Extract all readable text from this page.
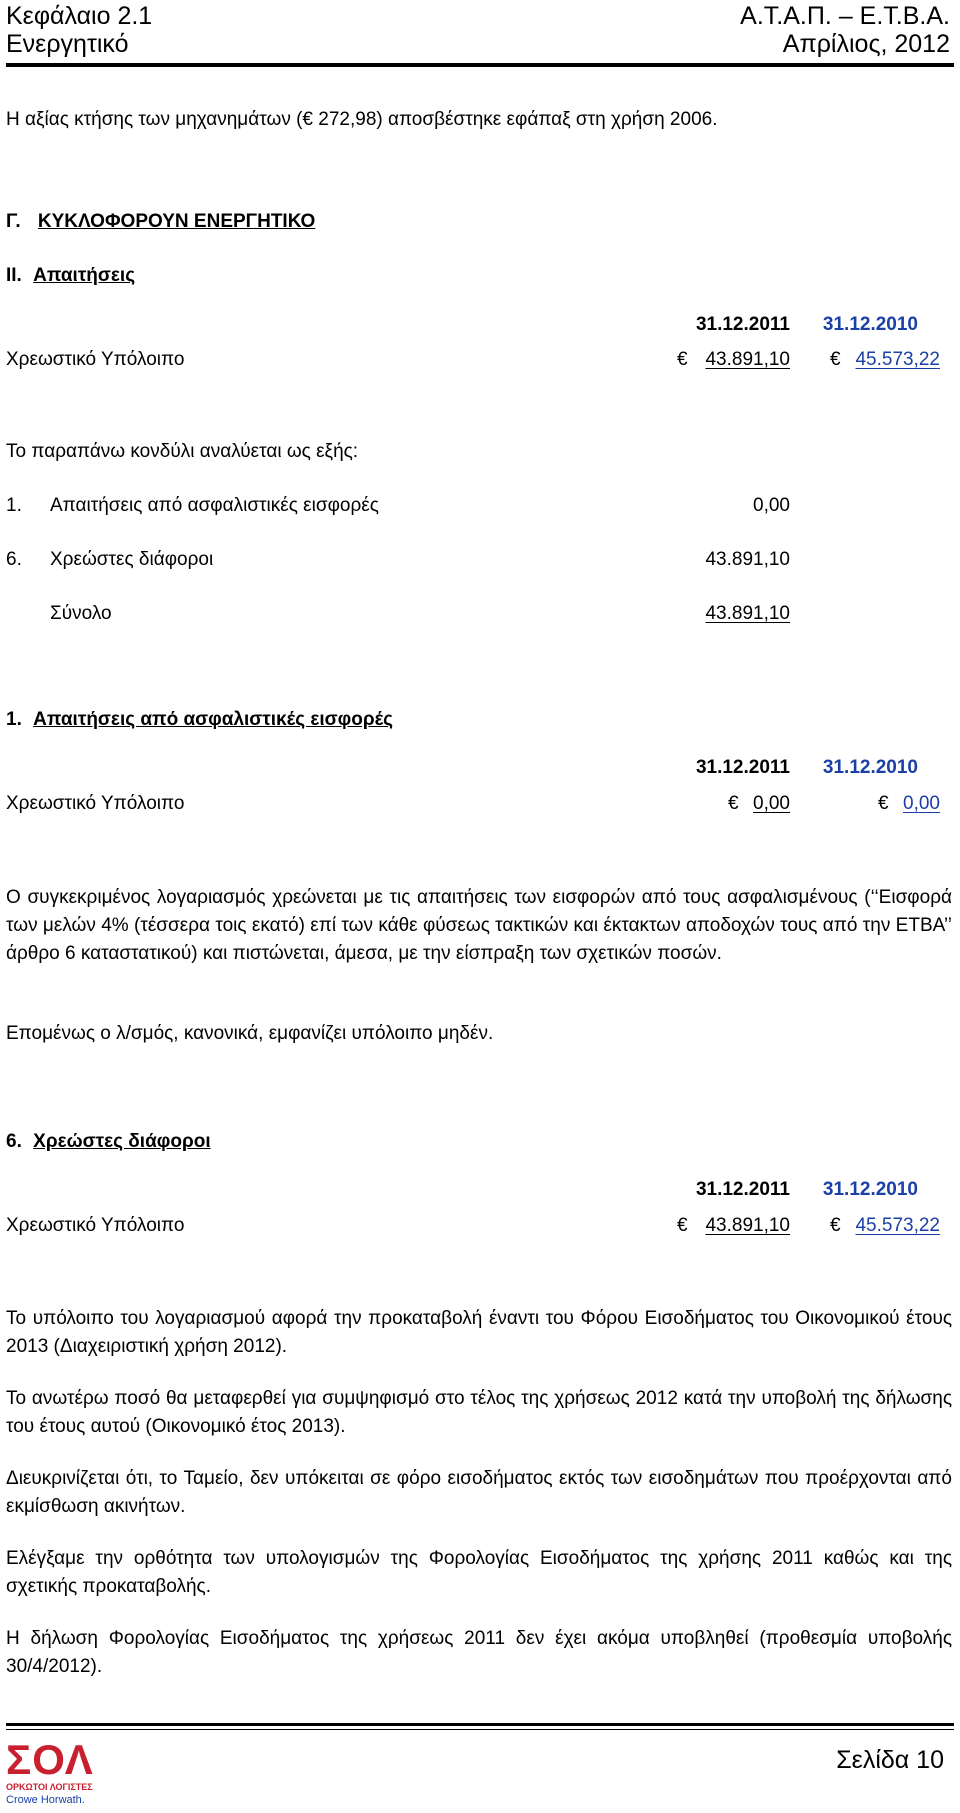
Κεφάλαιο 2.1
Ενεργητικό
Α.Τ.Α.Π. – Ε.Τ.Β.Α.
Απρίλιος, 2012
Η αξίας κτήσης των μηχανημάτων (€ 272,98) αποσβέστηκε εφάπαξ στη χρήση 2006.
Γ. ΚΥΚΛΟΦΟΡΟΥΝ ΕΝΕΡΓΗΤΙΚΟ
ΙΙ. Απαιτήσεις
31.12.2011	31.12.2010
Χρεωστικό Υπόλοιπο	€ 43.891,10 € 45.573,22
Το παραπάνω κονδύλι αναλύεται ως εξής:
1. Απαιτήσεις από ασφαλιστικές εισφορές	0,00
6. Χρεώστες διάφοροι	43.891,10
Σύνολο	43.891,10
1. Απαιτήσεις από ασφαλιστικές εισφορές
31.12.2011	31.12.2010
Χρεωστικό Υπόλοιπο	€ 0,00	€ 0,00
Ο συγκεκριμένος λογαριασμός χρεώνεται με τις απαιτήσεις των εισφορών από τους ασφαλισμένους (‘‘Εισφορά των μελών 4% (τέσσερα τοις εκατό) επί των κάθε φύσεως τακτικών και έκτακτων αποδοχών τους από την ΕΤΒΑ’’ άρθρο 6 καταστατικού) και πιστώνεται, άμεσα, με την είσπραξη των σχετικών ποσών.
Επομένως ο λ/σμός, κανονικά, εμφανίζει υπόλοιπο μηδέν.
6. Χρεώστες διάφοροι
31.12.2011	31.12.2010
Χρεωστικό Υπόλοιπο	€ 43.891,10 € 45.573,22
Το υπόλοιπο του λογαριασμού αφορά την προκαταβολή έναντι του Φόρου Εισοδήματος του Οικονομικού έτους 2013 (Διαχειριστική χρήση 2012).
Το ανωτέρω ποσό θα μεταφερθεί για συμψηφισμό στο τέλος της χρήσεως 2012 κατά την υποβολή της δήλωσης του έτους αυτού (Οικονομικό έτος 2013).
Διευκρινίζεται ότι, το Ταμείο, δεν υπόκειται σε φόρο εισοδήματος εκτός των εισοδημάτων που προέρχονται από εκμίσθωση ακινήτων.
Ελέγξαμε την ορθότητα των υπολογισμών της Φορολογίας Εισοδήματος της χρήσης 2011 καθώς και της σχετικής προκαταβολής.
Η δήλωση Φορολογίας Εισοδήματος της χρήσεως 2011 δεν έχει ακόμα υποβληθεί (προθεσμία υποβολής 30/4/2012).
ΣΟΛ
ΟΡΚΩΤΟΙ ΛΟΓΙΣΤΕΣ
Crowe Horwath.
Σελίδα 10
